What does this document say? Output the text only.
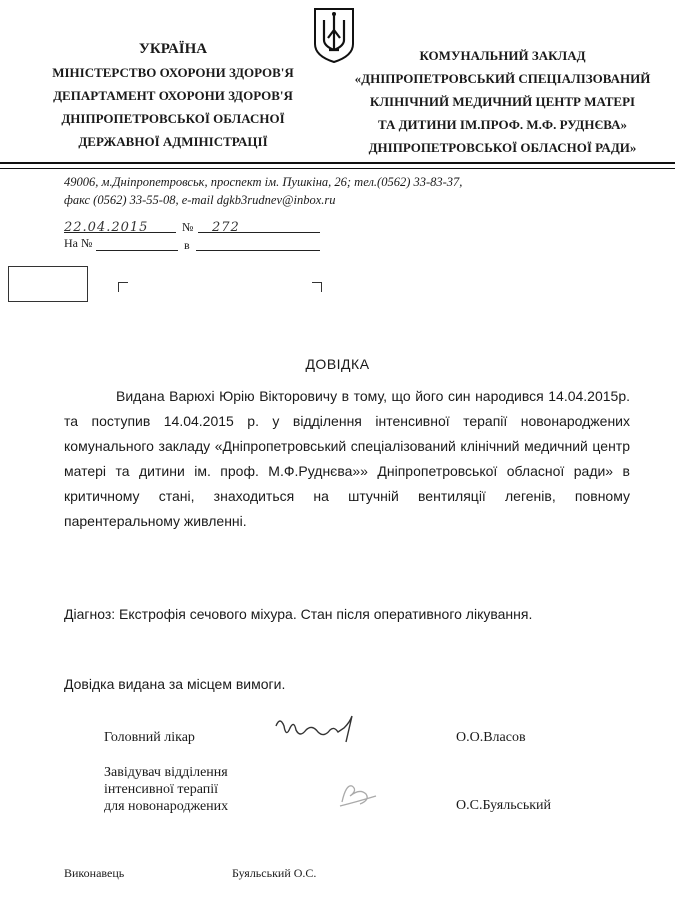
УКРАЇНА
МІНІСТЕРСТВО ОХОРОНИ ЗДОРОВ'Я
ДЕПАРТАМЕНТ ОХОРОНИ ЗДОРОВ'Я
ДНІПРОПЕТРОВСЬКОЇ ОБЛАСНОЇ
ДЕРЖАВНОЇ АДМІНІСТРАЦІЇ
КОМУНАЛЬНИЙ ЗАКЛАД
«ДНІПРОПЕТРОВСЬКИЙ СПЕЦІАЛІЗОВАНИЙ
КЛІНІЧНИЙ МЕДИЧНИЙ ЦЕНТР МАТЕРІ
ТА ДИТИНИ ІМ.ПРОФ. М.Ф. РУДНЄВА»
ДНІПРОПЕТРОВСЬКОЇ ОБЛАСНОЇ РАДИ»
49006, м.Дніпропетровськ, проспект ім. Пушкіна, 26; тел.(0562) 33-83-37,
факс (0562) 33-55-08, e-mail dgkb3rudnev@inbox.ru
22.04.2015	№	272
На №	в
ДОВІДКА
Видана Варюхі Юрію Вікторовичу в тому, що його син народився 14.04.2015р. та поступив 14.04.2015 р. у відділення інтенсивної терапії новонароджених комунального закладу «Дніпропетровський спеціалізований клінічний медичний центр матері та дитини ім. проф. М.Ф.Руднєва»» Дніпропетровської обласної ради» в критичному стані, знаходиться на штучній вентиляції легенів, повному парентеральному живленні.
Діагноз: Екстрофія сечового міхура. Стан після оперативного лікування.
Довідка видана за місцем вимоги.
Головний лікар	О.О.Власов
Завідувач відділення
інтенсивної терапії
для новонароджених	О.С.Буяльський
Виконавець	Буяльський О.С.
